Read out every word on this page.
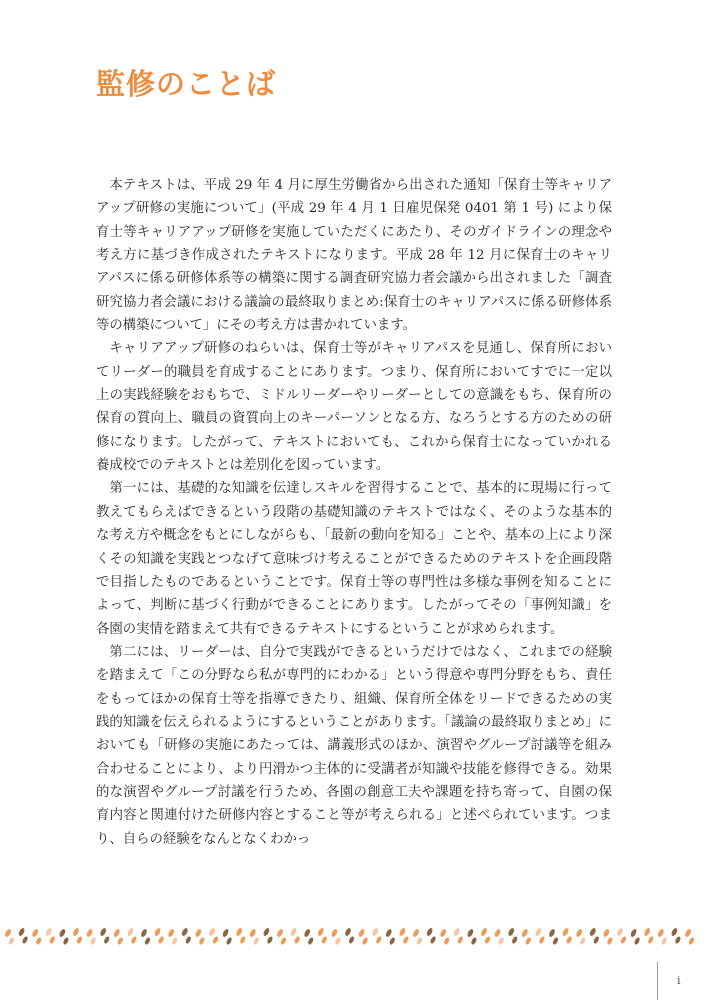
監修のことば

本テキストは、平成 29 年 4 月に厚生労働省から出された通知「保育士等キャリアアップ研修の実施について」(平成 29 年 4 月 1 日雇児保発 0401 第 1 号) により保育士等キャリアアップ研修を実施していただくにあたり、そのガイドラインの理念や考え方に基づき作成されたテキストになります。平成 28 年 12 月に保育士のキャリアパスに係る研修体系等の構築に関する調査研究協力者会議から出されました「調査研究協力者会議における議論の最終取りまとめ:保育士のキャリアパスに係る研修体系等の構築について」にその考え方は書かれています。

キャリアアップ研修のねらいは、保育士等がキャリアパスを見通し、保育所においてリーダー的職員を育成することにあります。つまり、保育所においてすでに一定以上の実践経験をおもちで、ミドルリーダーやリーダーとしての意識をもち、保育所の保育の質向上、職員の資質向上のキーパーソンとなる方、なろうとする方のための研修になります。したがって、テキストにおいても、これから保育士になっていかれる養成校でのテキストとは差別化を図っています。

第一には、基礎的な知識を伝達しスキルを習得することで、基本的に現場に行って教えてもらえばできるという段階の基礎知識のテキストではなく、そのような基本的な考え方や概念をもとにしながらも、「最新の動向を知る」ことや、基本の上により深くその知識を実践とつなげて意味づけ考えることができるためのテキストを企画段階で目指したものであるということです。保育士等の専門性は多様な事例を知ることによって、判断に基づく行動ができることにあります。したがってその「事例知識」を各園の実情を踏まえて共有できるテキストにするということが求められます。

第二には、リーダーは、自分で実践ができるというだけではなく、これまでの経験を踏まえて「この分野なら私が専門的にわかる」という得意や専門分野をもち、責任をもってほかの保育士等を指導できたり、組織、保育所全体をリードできるための実践的知識を伝えられるようにするということがあります。「議論の最終取りまとめ」においても「研修の実施にあたっては、講義形式のほか、演習やグループ討議等を組み合わせることにより、より円滑かつ主体的に受講者が知識や技能を修得できる。効果的な演習やグループ討議を行うため、各園の創意工夫や課題を持ち寄って、自園の保育内容と関連付けた研修内容とすること等が考えられる」と述べられています。つまり、自らの経験をなんとなくわかっ

i
